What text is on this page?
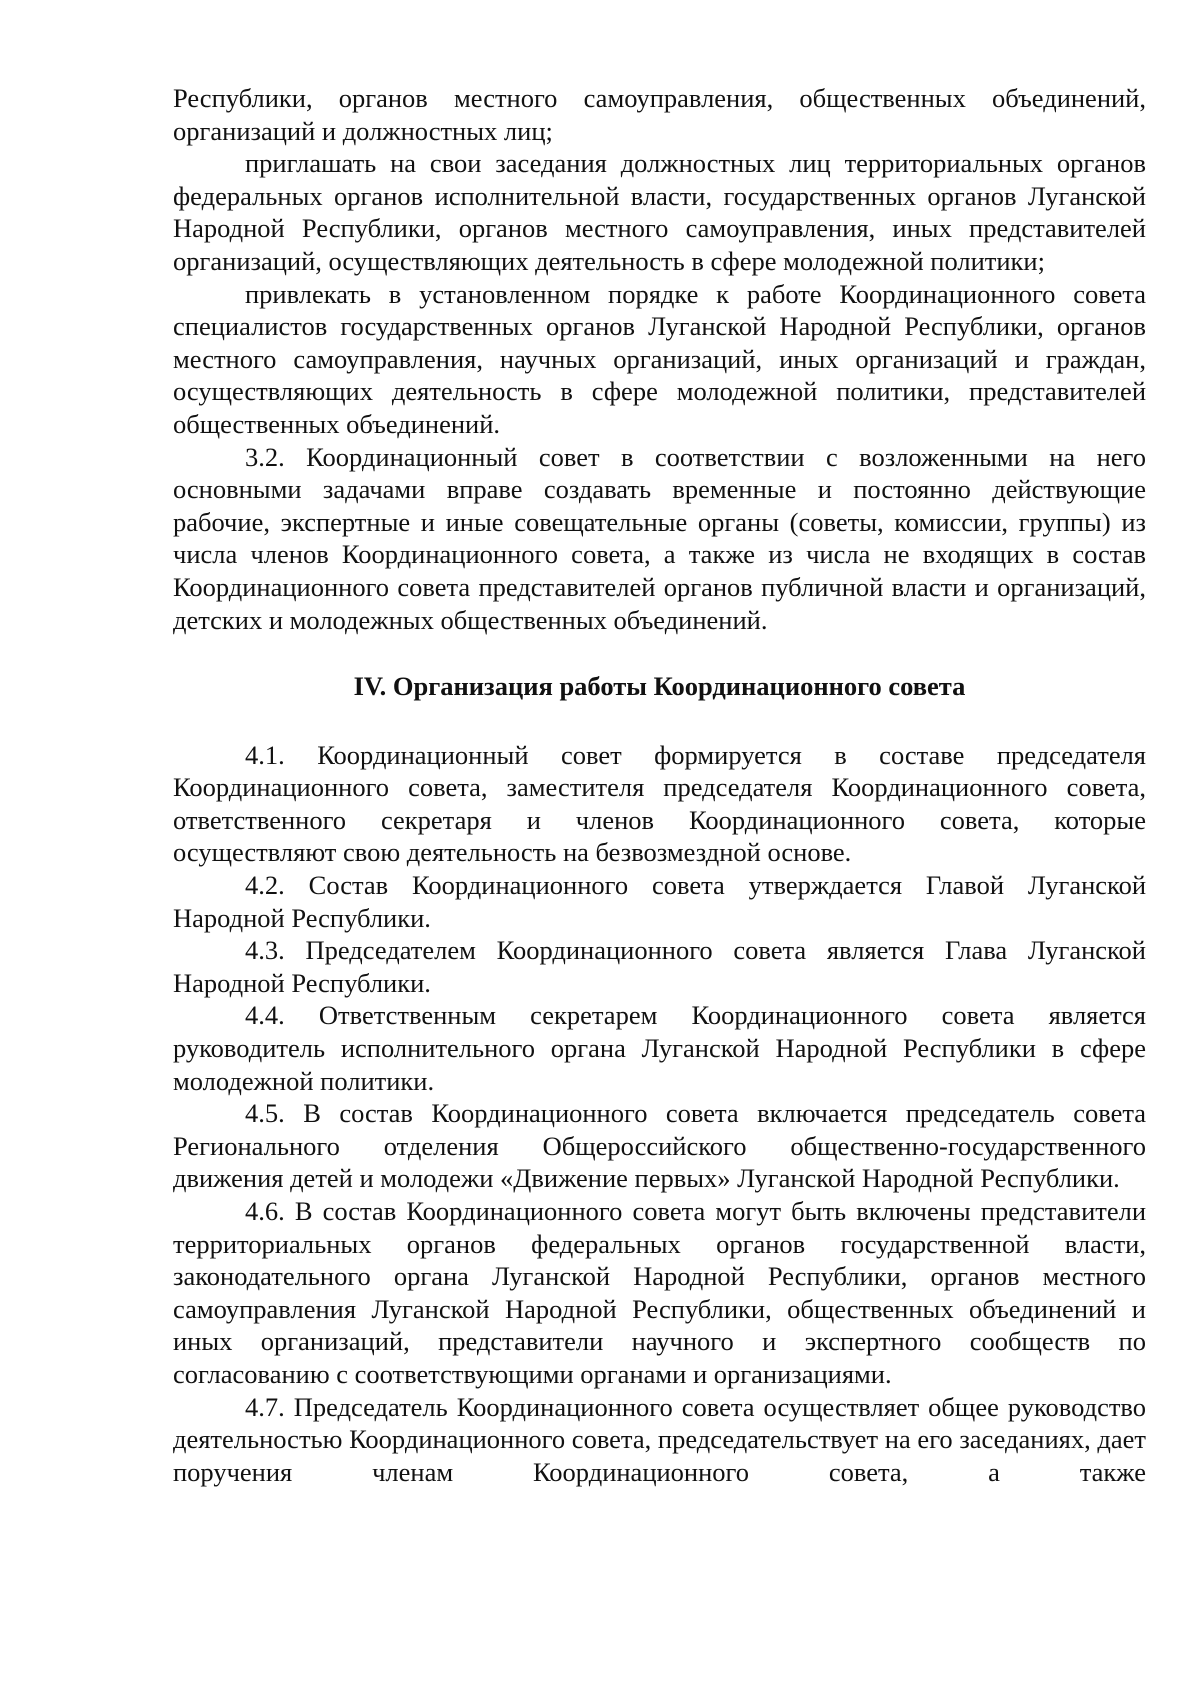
Республики, органов местного самоуправления, общественных объединений, организаций и должностных лиц;

приглашать на свои заседания должностных лиц территориальных органов федеральных органов исполнительной власти, государственных органов Луганской Народной Республики, органов местного самоуправления, иных представителей организаций, осуществляющих деятельность в сфере молодежной политики;

привлекать в установленном порядке к работе Координационного совета специалистов государственных органов Луганской Народной Республики, органов местного самоуправления, научных организаций, иных организаций и граждан, осуществляющих деятельность в сфере молодежной политики, представителей общественных объединений.

3.2. Координационный совет в соответствии с возложенными на него основными задачами вправе создавать временные и постоянно действующие рабочие, экспертные и иные совещательные органы (советы, комиссии, группы) из числа членов Координационного совета, а также из числа не входящих в состав Координационного совета представителей органов публичной власти и организаций, детских и молодежных общественных объединений.

IV. Организация работы Координационного совета

4.1. Координационный совет формируется в составе председателя Координационного совета, заместителя председателя Координационного совета, ответственного секретаря и членов Координационного совета, которые осуществляют свою деятельность на безвозмездной основе.

4.2. Состав Координационного совета утверждается Главой Луганской Народной Республики.

4.3. Председателем Координационного совета является Глава Луганской Народной Республики.

4.4. Ответственным секретарем Координационного совета является руководитель исполнительного органа Луганской Народной Республики в сфере молодежной политики.

4.5. В состав Координационного совета включается председатель совета Регионального отделения Общероссийского общественно-государственного движения детей и молодежи «Движение первых» Луганской Народной Республики.

4.6. В состав Координационного совета могут быть включены представители территориальных органов федеральных органов государственной власти, законодательного органа Луганской Народной Республики, органов местного самоуправления Луганской Народной Республики, общественных объединений и иных организаций, представители научного и экспертного сообществ по согласованию с соответствующими органами и организациями.

4.7. Председатель Координационного совета осуществляет общее руководство деятельностью Координационного совета, председательствует на его заседаниях, дает поручения членам Координационного совета, а также
